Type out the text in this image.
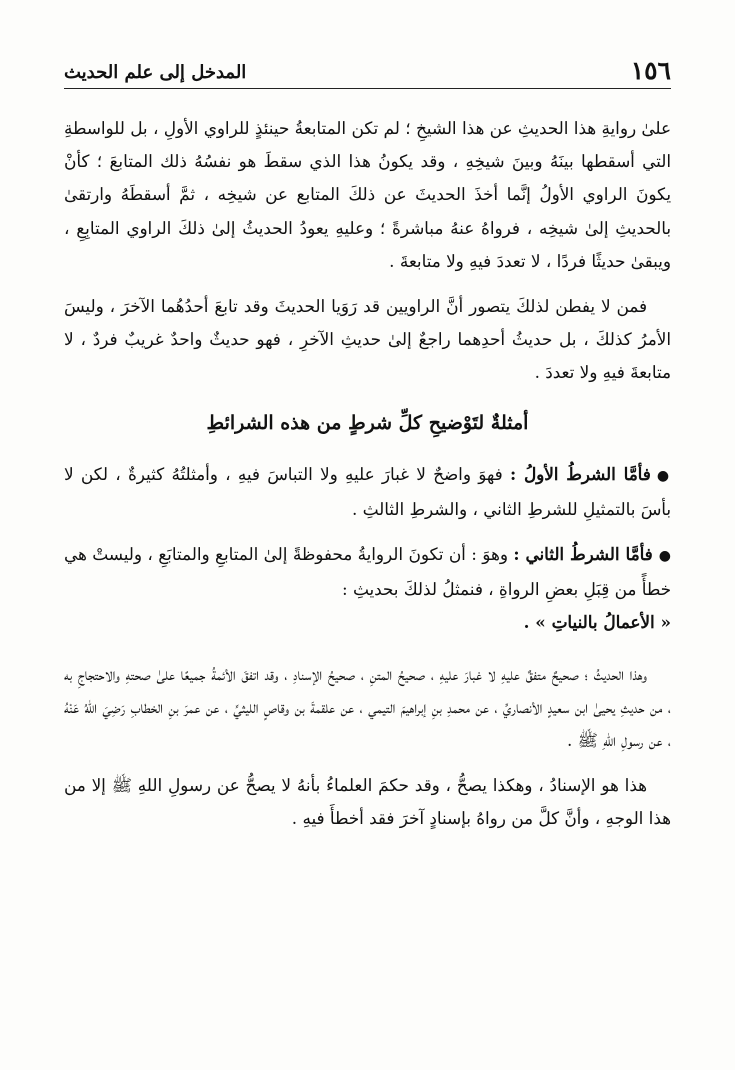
١٥٦
المدخل إلى علم الحديث

علىٰ روايةِ هذا الحديثِ عن هذا الشيخِ ؛ لم تكن المتابعةُ حينئذٍ للراوي الأولِ ، بل للواسطةِ التي أسقطها بينَهُ وبينَ شيخِهِ ، وقد يكونُ هذا الذي سقطَ هو نفسُهُ ذلك المتابعَ ؛ كأنْ يكونَ الراوي الأولُ إنَّما أخذَ الحديثَ عن ذلكَ المتابع عن شيخِه ، ثمَّ أسقطَهُ وارتقىٰ بالحديثِ إلىٰ شيخِه ، فرواهُ عنهُ مباشرةً ؛ وعليهِ يعودُ الحديثُ إلىٰ ذلكَ الراوي المتابِعِ ، ويبقىٰ حديثًا فردًا ، لا تعددَ فيهِ ولا متابعةَ .

فمن لا يفطن لذلكَ يتصور أنَّ الراويين قد رَوَيا الحديثَ وقد تابعَ أحدُهُما الآخرَ ، وليسَ الأمرُ كذلكَ ، بل حديثُ أحدِهما راجعٌ إلىٰ حديثِ الآخرِ ، فهو حديثٌ واحدٌ غريبٌ فردٌ ، لا متابعةَ فيهِ ولا تعددَ .

أمثلةٌ لتَوْضيحِ كلِّ شرطٍ من هذه الشرائطِ

●فأمَّا الشرطُ الأولُ : فهوَ واضحٌ لا غبارَ عليهِ ولا التباسَ فيهِ ، وأمثلتُهُ كثيرةٌ ، لكن لا بأسَ بالتمثيلِ للشرطِ الثاني ، والشرطِ الثالثِ .

●فأمَّا الشرطُ الثاني : وهوَ : أن تكونَ الروايةُ محفوظةً إلىٰ المتابعِ والمتابَعِ ، وليستْ هي خطأً من قِبَلِ بعضِ الرواةِ ، فنمثلُ لذلكَ بحديثِ :
« الأعمالُ بالنياتِ » .

وهذا الحديثُ ؛ صحيحٌ متفقٌ عليهِ لا غبارَ عليهِ ، صحيحُ المتنِ ، صحيحُ الإسنادِ ، وقد اتفقَ الأئمةُ جميعًا علىٰ صحتهِ والاحتجاجِ به ، من حديثِ يحيىٰ ابن سعيدٍ الأنصاريِّ ، عن محمدِ بنِ إبراهيمَ التيمي ، عن علقمةَ بن وقاصٍ الليثيِّ ، عن عمرَ بنِ الخطابِ رَضِيَ اللهُ عَنْهُ ، عن رسولِ اللهِ ﷺ .

هذا هو الإسنادُ ، وهكذا يصحُّ ، وقد حكمَ العلماءُ بأنهُ لا يصحُّ عن رسولِ اللهِ ﷺ إلا من هذا الوجهِ ، وأنَّ كلَّ من رواهُ بإسنادٍ آخرَ فقد أخطأَ فيهِ .
